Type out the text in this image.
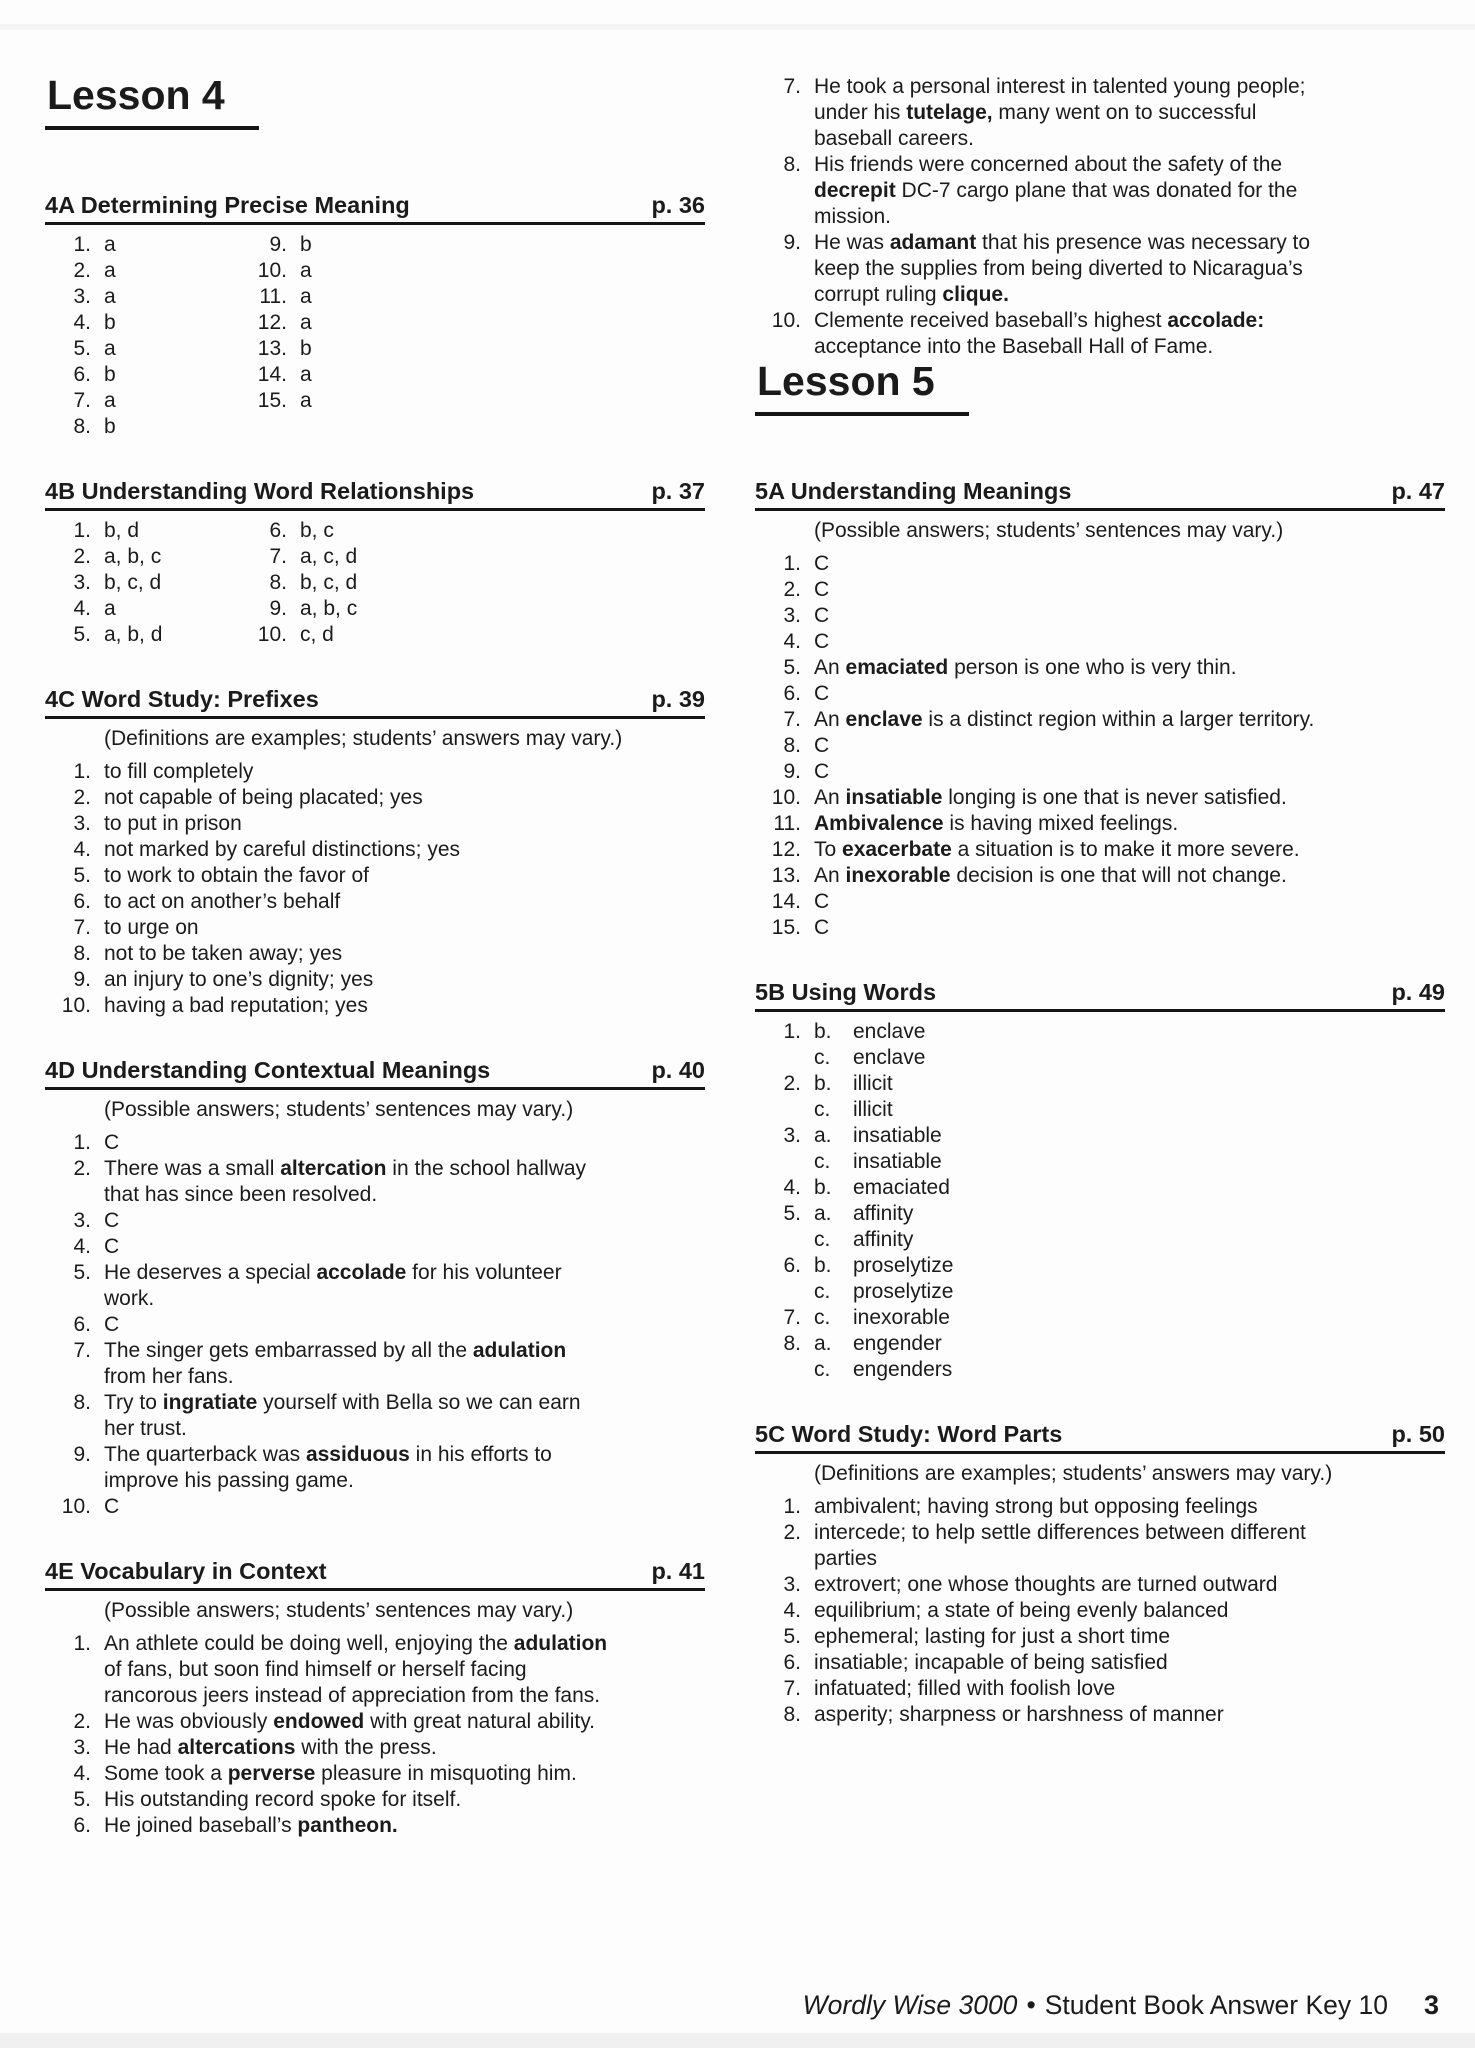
Lesson 4
4A Determining Precise Meaning	p. 36
1. a
2. a
3. a
4. b
5. a
6. b
7. a
8. b
9. b
10. a
11. a
12. a
13. b
14. a
15. a
4B Understanding Word Relationships	p. 37
1. b, d
2. a, b, c
3. b, c, d
4. a
5. a, b, d
6. b, c
7. a, c, d
8. b, c, d
9. a, b, c
10. c, d
4C Word Study: Prefixes	p. 39
(Definitions are examples; students’ answers may vary.)
1. to fill completely
2. not capable of being placated; yes
3. to put in prison
4. not marked by careful distinctions; yes
5. to work to obtain the favor of
6. to act on another’s behalf
7. to urge on
8. not to be taken away; yes
9. an injury to one’s dignity; yes
10. having a bad reputation; yes
4D Understanding Contextual Meanings	p. 40
(Possible answers; students’ sentences may vary.)
1. C
2. There was a small altercation in the school hallway that has since been resolved.
3. C
4. C
5. He deserves a special accolade for his volunteer work.
6. C
7. The singer gets embarrassed by all the adulation from her fans.
8. Try to ingratiate yourself with Bella so we can earn her trust.
9. The quarterback was assiduous in his efforts to improve his passing game.
10. C
4E Vocabulary in Context	p. 41
(Possible answers; students’ sentences may vary.)
1. An athlete could be doing well, enjoying the adulation of fans, but soon find himself or herself facing rancorous jeers instead of appreciation from the fans.
2. He was obviously endowed with great natural ability.
3. He had altercations with the press.
4. Some took a perverse pleasure in misquoting him.
5. His outstanding record spoke for itself.
6. He joined baseball’s pantheon.
7. He took a personal interest in talented young people; under his tutelage, many went on to successful baseball careers.
8. His friends were concerned about the safety of the decrepit DC-7 cargo plane that was donated for the mission.
9. He was adamant that his presence was necessary to keep the supplies from being diverted to Nicaragua’s corrupt ruling clique.
10. Clemente received baseball’s highest accolade: acceptance into the Baseball Hall of Fame.
Lesson 5
5A Understanding Meanings	p. 47
(Possible answers; students’ sentences may vary.)
1. C
2. C
3. C
4. C
5. An emaciated person is one who is very thin.
6. C
7. An enclave is a distinct region within a larger territory.
8. C
9. C
10. An insatiable longing is one that is never satisfied.
11. Ambivalence is having mixed feelings.
12. To exacerbate a situation is to make it more severe.
13. An inexorable decision is one that will not change.
14. C
15. C
5B Using Words	p. 49
1. b.	enclave
c.	enclave
2. b.	illicit
c.	illicit
3. a.	insatiable
c.	insatiable
4. b.	emaciated
5. a.	affinity
c.	affinity
6. b.	proselytize
c.	proselytize
7. c.	inexorable
8. a.	engender
c.	engenders
5C Word Study: Word Parts	p. 50
(Definitions are examples; students’ answers may vary.)
1. ambivalent; having strong but opposing feelings
2. intercede; to help settle differences between different parties
3. extrovert; one whose thoughts are turned outward
4. equilibrium; a state of being evenly balanced
5. ephemeral; lasting for just a short time
6. insatiable; incapable of being satisfied
7. infatuated; filled with foolish love
8. asperity; sharpness or harshness of manner
Wordly Wise 3000 • Student Book Answer Key 10 3
